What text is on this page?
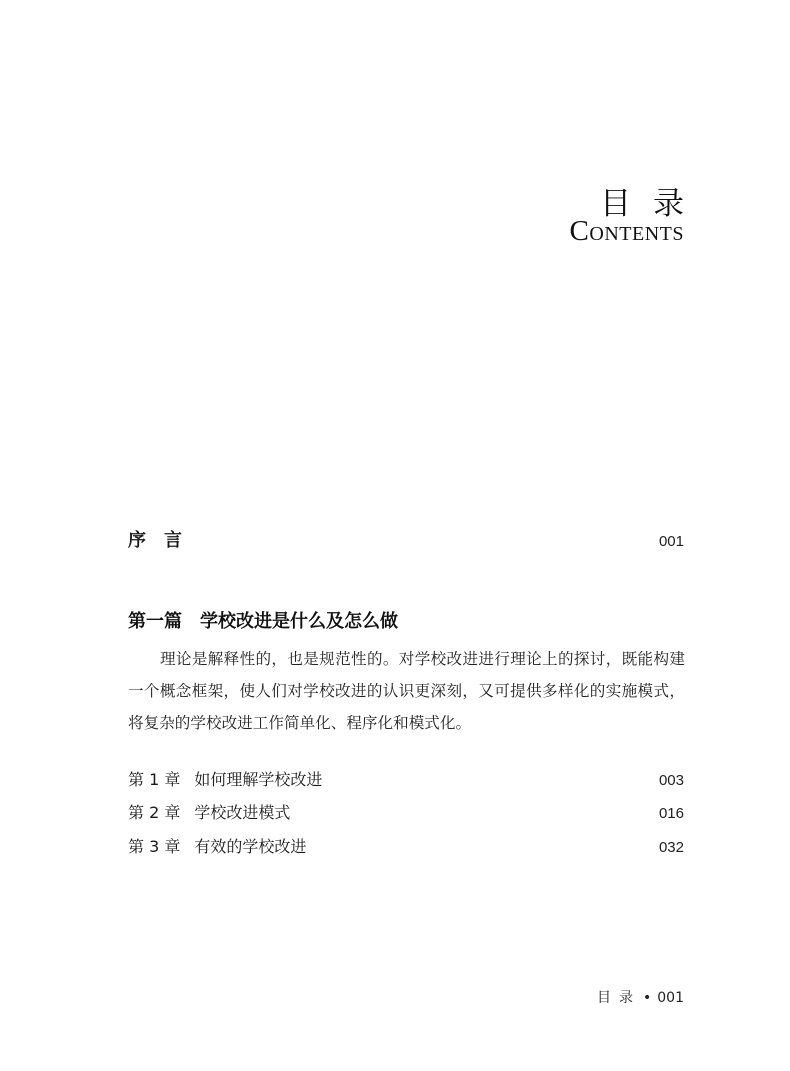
目录
Contents
序言	001
第一篇 学校改进是什么及怎么做
理论是解释性的，也是规范性的。对学校改进进行理论上的探讨，既能构建一个概念框架，使人们对学校改进的认识更深刻，又可提供多样化的实施模式，将复杂的学校改进工作简单化、程序化和模式化。
第 1 章 如何理解学校改进	003
第 2 章 学校改进模式	016
第 3 章 有效的学校改进	032
目录 • 001
